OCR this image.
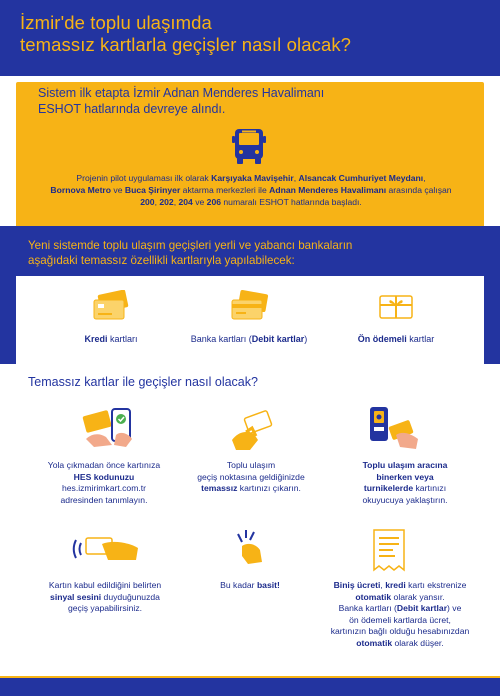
İzmir'de toplu ulaşımda
temassız kartlarla geçişler nasıl olacak?
Sistem ilk etapta İzmir Adnan Menderes Havalimanı
ESHOT hatlarında devreye alındı.
Projenin pilot uygulaması ilk olarak Karşıyaka Mavişehir, Alsancak Cumhuriyet Meydanı,
Bornova Metro ve Buca Şirinyer aktarma merkezleri ile Adnan Menderes Havalimanı arasında çalışan
200, 202, 204 ve 206 numaralı ESHOT hatlarında başladı.
Yeni sistemde toplu ulaşım geçişleri yerli ve yabancı bankaların
aşağıdaki temassız özellikli kartlarıyla yapılabilecek:
Kredi kartları	Banka kartları (Debit kartlar)	Ön ödemeli kartlar
Temassız kartlar ile geçişler nasıl olacak?
Yola çıkmadan önce kartınıza
HES kodunuzu
hes.izmirimkart.com.tr
adresinden tanımlayın.
Toplu ulaşım
geçiş noktasına geldiğinizde
temassız kartınızı çıkarın.
Toplu ulaşım aracına
binerken veya
turnikelerde kartınızı
okuyucuya yaklaştırın.
Kartın kabul edildiğini belirten
sinyal sesini duyduğunuzda
geçiş yapabilirsiniz.
Bu kadar basit!	Biniş ücreti, kredi kartı ekstrenize
otomatik olarak yansır.
Banka kartları (Debit kartlar) ve
ön ödemeli kartlarda ücret,
kartınızın bağlı olduğu hesabınızdan
otomatik olarak düşer.
